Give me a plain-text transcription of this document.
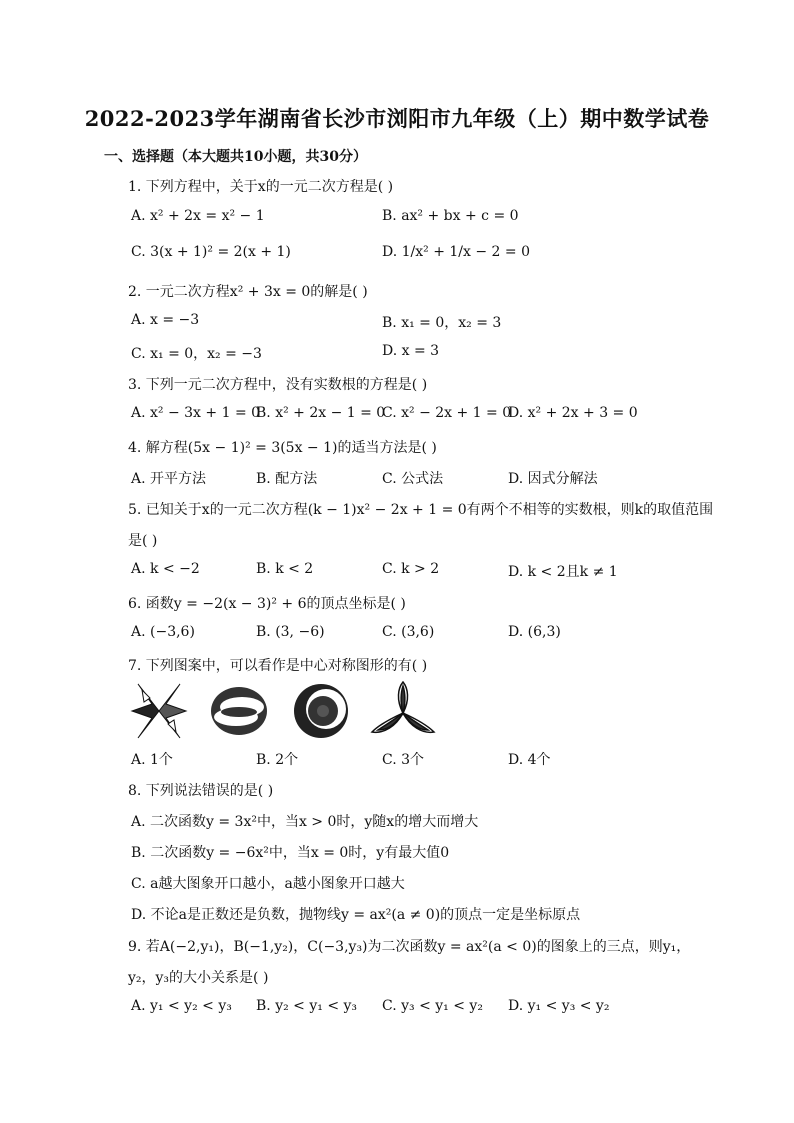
2022-2023学年湖南省长沙市浏阳市九年级（上）期中数学试卷
一、选择题（本大题共10小题，共30分）
1. 下列方程中，关于x的一元二次方程是( )
A. x² + 2x = x² − 1	B. ax² + bx + c = 0
C. 3(x + 1)² = 2(x + 1)	D. 1/x² + 1/x − 2 = 0
2. 一元二次方程x² + 3x = 0的解是( )
A. x = −3	B. x₁ = 0，x₂ = 3
C. x₁ = 0，x₂ = −3	D. x = 3
3. 下列一元二次方程中，没有实数根的方程是( )
A. x² − 3x + 1 = 0
B. x² + 2x − 1 = 0
C. x² − 2x + 1 = 0
D. x² + 2x + 3 = 0
4. 解方程(5x − 1)² = 3(5x − 1)的适当方法是( )
A. 开平方法	B. 配方法	C. 公式法	D. 因式分解法
5. 已知关于x的一元二次方程(k − 1)x² − 2x + 1 = 0有两个不相等的实数根，则k的取值范围
是( )
A. k < −2	B. k < 2	C. k > 2	D. k < 2且k ≠ 1
6. 函数y = −2(x − 3)² + 6的顶点坐标是( )
A. (−3,6)	B. (3, −6)	C. (3,6)	D. (6,3)
7. 下列图案中，可以看作是中心对称图形的有( )
A. 1个	B. 2个	C. 3个	D. 4个
8. 下列说法错误的是( )
A. 二次函数y = 3x²中，当x > 0时，y随x的增大而增大
B. 二次函数y = −6x²中，当x = 0时，y有最大值0
C. a越大图象开口越小，a越小图象开口越大
D. 不论a是正数还是负数，抛物线y = ax²(a ≠ 0)的顶点一定是坐标原点
9. 若A(−2,y₁)，B(−1,y₂)，C(−3,y₃)为二次函数y = ax²(a < 0)的图象上的三点，则y₁，
y₂，y₃的大小关系是( )
A. y₁ < y₂ < y₃ B. y₂ < y₁ < y₃ C. y₃ < y₁ < y₂ D. y₁ < y₃ < y₂
